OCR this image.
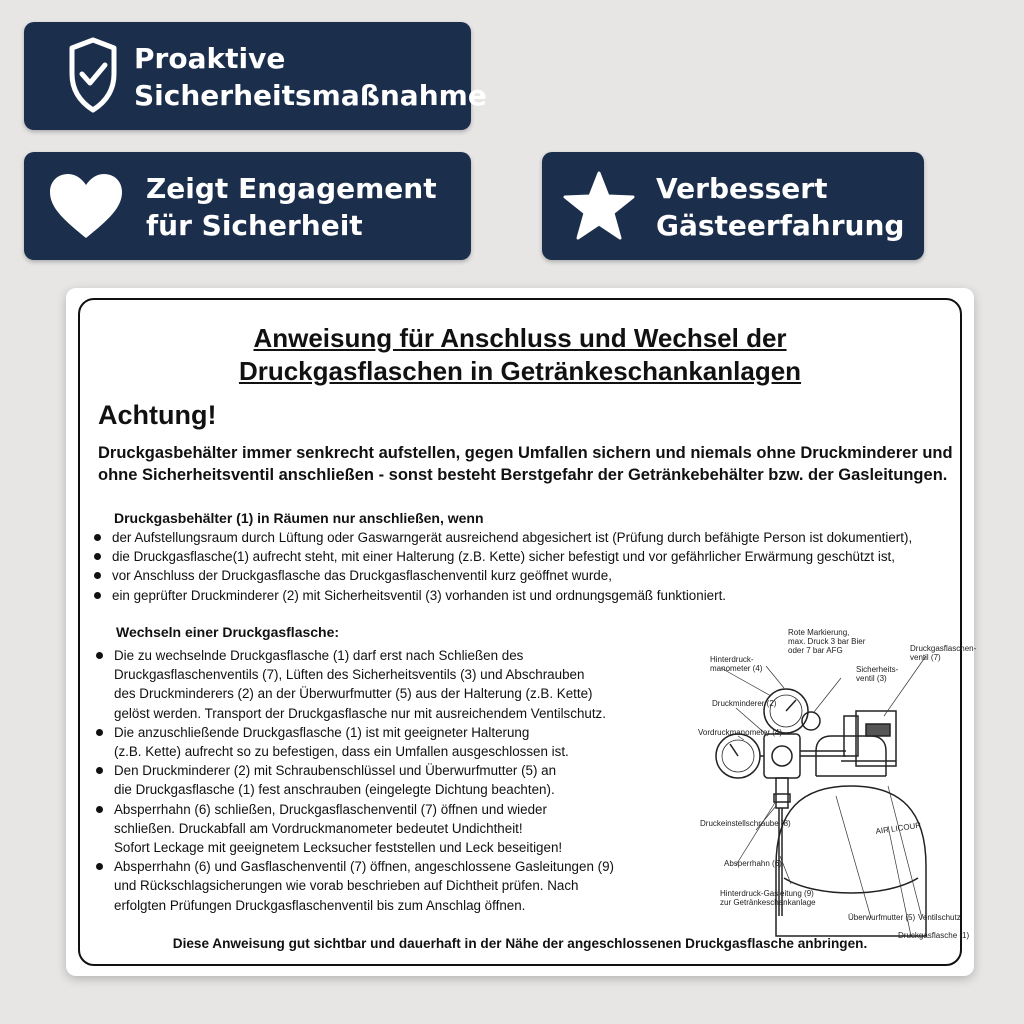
Proaktive
Sicherheitsmaßnahme
Zeigt Engagement
für Sicherheit
Verbessert
Gästeerfahrung
Anweisung für Anschluss und Wechsel der
Druckgasflaschen in Getränkeschankanlagen
Achtung!
Druckgasbehälter immer senkrecht aufstellen, gegen Umfallen sichern und niemals ohne Druckminderer und ohne Sicherheitsventil anschließen - sonst besteht Berstgefahr der Getränkebehälter bzw. der Gasleitungen.
Druckgasbehälter (1) in Räumen nur anschließen, wenn
der Aufstellungsraum durch Lüftung oder Gaswarngerät ausreichend abgesichert ist (Prüfung durch befähigte Person ist dokumentiert),
die Druckgasflasche(1) aufrecht steht, mit einer Halterung (z.B. Kette) sicher befestigt und vor gefährlicher Erwärmung geschützt ist,
vor Anschluss der Druckgasflasche das Druckgasflaschenventil kurz geöffnet wurde,
ein geprüfter Druckminderer (2) mit Sicherheitsventil (3) vorhanden ist und ordnungsgemäß funktioniert.
Wechseln einer Druckgasflasche:
Die zu wechselnde Druckgasflasche (1) darf erst nach Schließen des
Druckgasflaschenventils (7), Lüften des Sicherheitsventils (3) und Abschrauben
des Druckminderers (2) an der Überwurfmutter (5) aus der Halterung (z.B. Kette)
gelöst werden. Transport der Druckgasflasche nur mit ausreichendem Ventilschutz.
Die anzuschließende Druckgasflasche (1) ist mit geeigneter Halterung
(z.B. Kette) aufrecht so zu befestigen, dass ein Umfallen ausgeschlossen ist.
Den Druckminderer (2) mit Schraubenschlüssel und Überwurfmutter (5) an
die Druckgasflasche (1) fest anschrauben (eingelegte Dichtung beachten).
Absperrhahn (6) schließen, Druckgasflaschenventil (7) öffnen und wieder
schließen. Druckabfall am Vordruckmanometer bedeutet Undichtheit!
Sofort Leckage mit geeignetem Lecksucher feststellen und Leck beseitigen!
Absperrhahn (6) und Gasflaschenventil (7) öffnen, angeschlossene Gasleitungen (9)
und Rückschlagsicherungen wie vorab beschrieben auf Dichtheit prüfen. Nach
erfolgten Prüfungen Druckgasflaschenventil bis zum Anschlag öffnen.
AIR LICOUR
Rote Markierung,
max. Druck 3 bar Bier
oder 7 bar AFG
Hinterdruck-
manometer (4)	Sicherheits-
ventil (3)
Druckgasflaschen-
ventil (7)
Druckminderer (2)
Vordruckmanometer (4)
Druckeinstellschraube (8)
Absperrhahn (6)
Hinterdruck-Gasleitung (9)
zur Getränkeschankanlage
Überwurfmutter (5) Ventilschutz
Druckgasflasche (1)
Diese Anweisung gut sichtbar und dauerhaft in der Nähe der angeschlossenen Druckgasflasche anbringen.
